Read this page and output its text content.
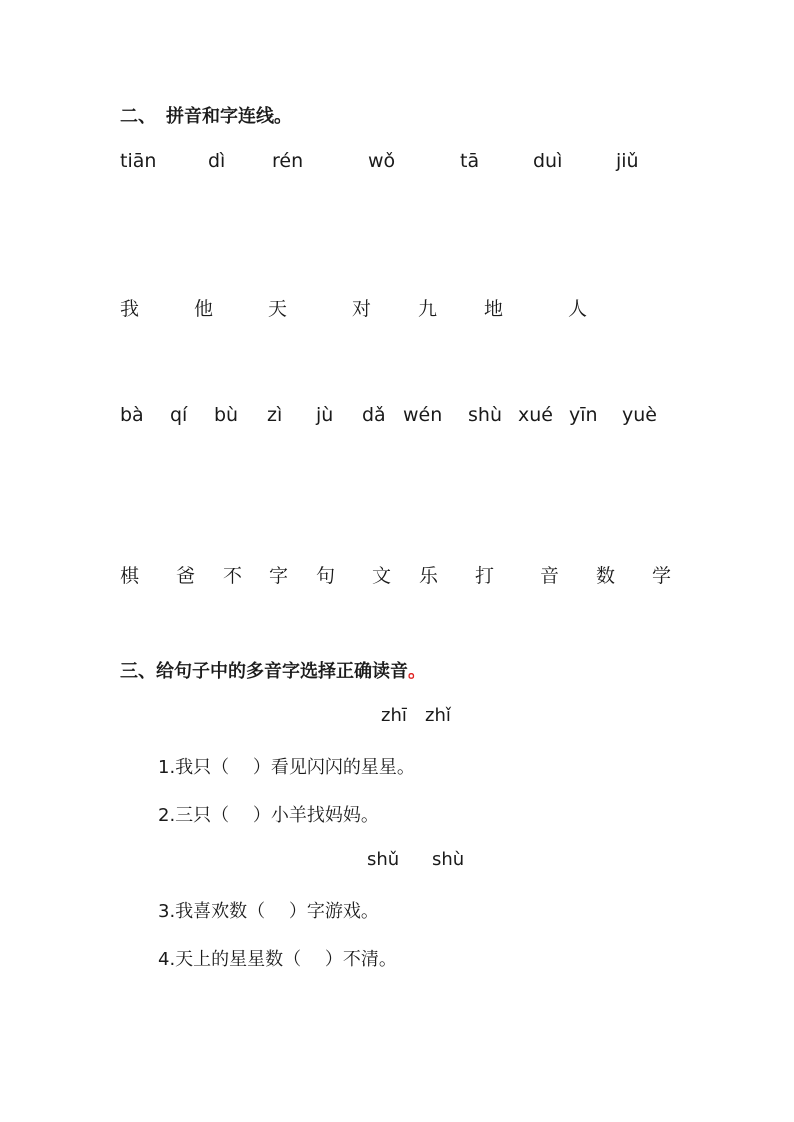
二、 拼音和字连线。
tiān	dì rén	wǒ	tā	duì	jiǔ
我	他	天	对 九 地	人
bà qí bù zì jù dǎ wén shù xué yīn yuè
棋 爸 不 字 句 文 乐 打 音 数 学
三、给句子中的多音字选择正确读音。
zhī zhǐ
1.我只（　 ）看见闪闪的星星。
2.三只（　 ）小羊找妈妈。
shǔ shù
3.我喜欢数（　 ）字游戏。
4.天上的星星数（　 ）不清。
